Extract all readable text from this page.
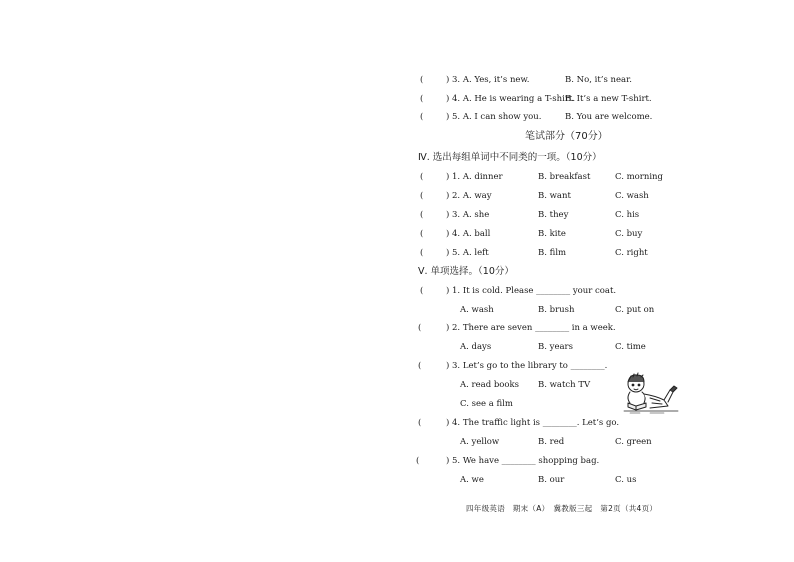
(	) 3. A. Yes, it’s new.	B. No, it’s near.
(	) 4. A. He is wearing a T-shirt.
B. It’s a new T-shirt.
(	) 5. A. I can show you.	B. You are welcome.
笔试部分（70分）
Ⅳ. 选出每组单词中不同类的一项。（10分）
(	) 1. A. dinner	B. breakfast	C. morning
(	) 2. A. way	B. want	C. wash
(	) 3. A. she	B. they	C. his
(	) 4. A. ball	B. kite	C. buy
(	) 5. A. left	B. film	C. right
Ⅴ. 单项选择。（10分）
(	) 1. It is cold. Please ________ your coat.
A. wash	B. brush	C. put on
(	) 2. There are seven ________ in a week.
A. days	B. years	C. time
(	) 3. Let’s go to the library to ________.
A. read books B. watch TV
C. see a film
(	) 4. The traffic light is ________. Let’s go.
A. yellow	B. red	C. green
(	) 5. We have ________ shopping bag.
A. we	B. our	C. us
四年级英语　期末（A）　冀教版三起　第2页（共4页）
